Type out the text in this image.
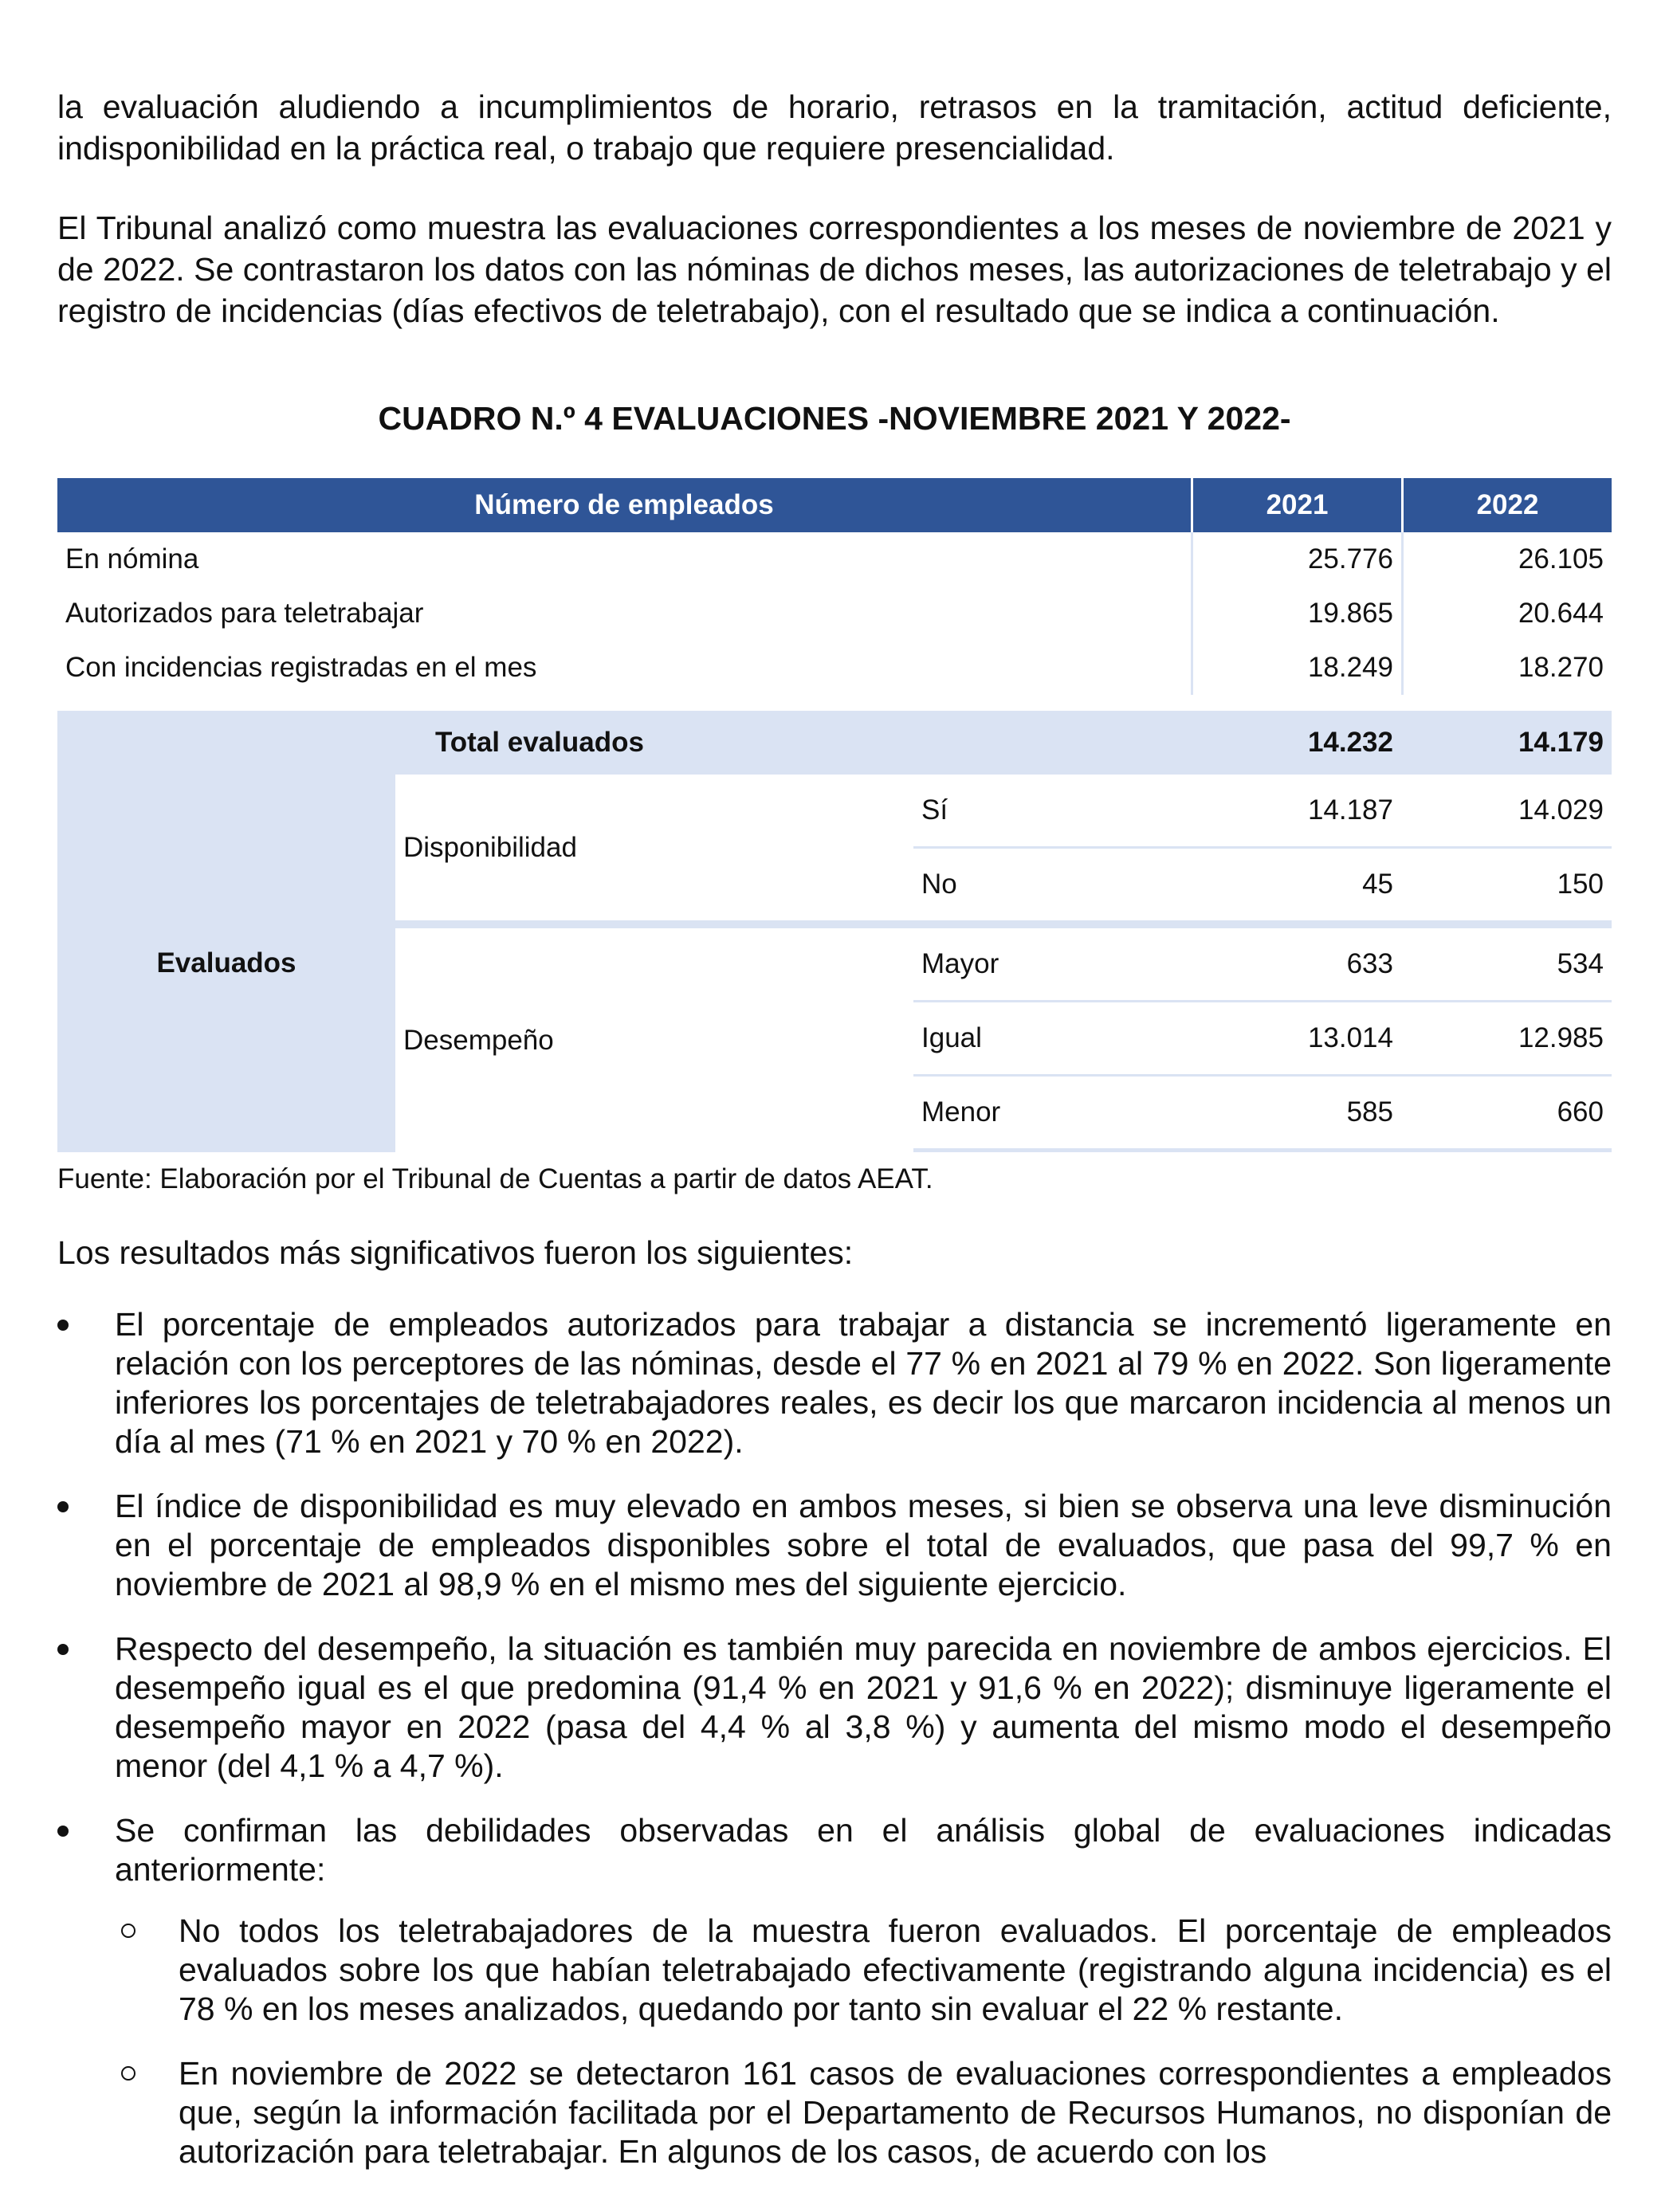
la evaluación aludiendo a incumplimientos de horario, retrasos en la tramitación, actitud deficiente, indisponibilidad en la práctica real, o trabajo que requiere presencialidad.

El Tribunal analizó como muestra las evaluaciones correspondientes a los meses de noviembre de 2021 y de 2022. Se contrastaron los datos con las nóminas de dichos meses, las autorizaciones de teletrabajo y el registro de incidencias (días efectivos de teletrabajo), con el resultado que se indica a continuación.

CUADRO N.º 4 EVALUACIONES -NOVIEMBRE 2021 Y 2022-
Número de empleados			2021	2022
En nómina			25.776	26.105
Autorizados para teletrabajar			19.865	20.644
Con incidencias registradas en el mes			18.249	18.270

	Total evaluados		14.232	14.179
Evaluados	Disponibilidad	Sí	14.187	14.029
		No	45	150

	Desempeño	Mayor	633	534
		Igual	13.014	12.985
		Menor	585	660
Fuente: Elaboración por el Tribunal de Cuentas a partir de datos AEAT.
Los resultados más significativos fueron los siguientes:
El porcentaje de empleados autorizados para trabajar a distancia se incrementó ligeramente en relación con los perceptores de las nóminas, desde el 77 % en 2021 al 79 % en 2022. Son ligeramente inferiores los porcentajes de teletrabajadores reales, es decir los que marcaron incidencia al menos un día al mes (71 % en 2021 y 70 % en 2022).
El índice de disponibilidad es muy elevado en ambos meses, si bien se observa una leve disminución en el porcentaje de empleados disponibles sobre el total de evaluados, que pasa del 99,7 % en noviembre de 2021 al 98,9 % en el mismo mes del siguiente ejercicio.
Respecto del desempeño, la situación es también muy parecida en noviembre de ambos ejercicios. El desempeño igual es el que predomina (91,4 % en 2021 y 91,6 % en 2022); disminuye ligeramente el desempeño mayor en 2022 (pasa del 4,4 % al 3,8 %) y aumenta del mismo modo el desempeño menor (del 4,1 % a 4,7 %).
Se confirman las debilidades observadas en el análisis global de evaluaciones indicadas anteriormente:
No todos los teletrabajadores de la muestra fueron evaluados. El porcentaje de empleados evaluados sobre los que habían teletrabajado efectivamente (registrando alguna incidencia) es el 78 % en los meses analizados, quedando por tanto sin evaluar el 22 % restante.
En noviembre de 2022 se detectaron 161 casos de evaluaciones correspondientes a empleados que, según la información facilitada por el Departamento de Recursos Humanos, no disponían de autorización para teletrabajar. En algunos de los casos, de acuerdo con los
